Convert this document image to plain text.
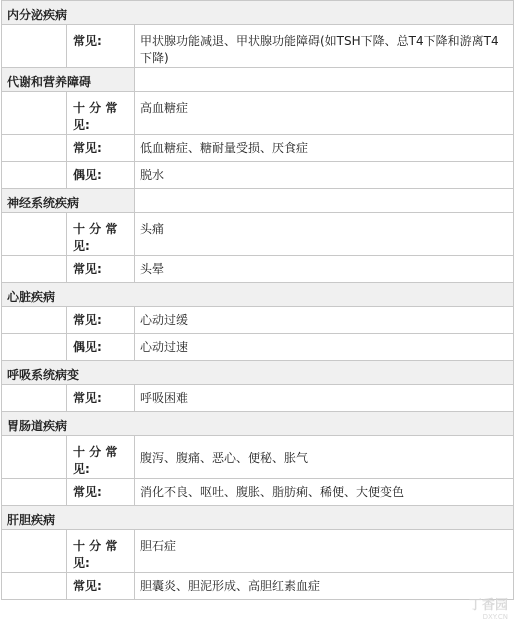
内分泌疾病		
	常见:	甲状腺功能减退、甲状腺功能障碍(如TSH下降、总T4下降和游离T4下降)
代谢和营养障碍		
	十 分 常 见:	高血糖症
	常见:	低血糖症、糖耐量受损、厌食症
	偶见:	脱水
神经系统疾病		
	十 分 常 见:	头痛
	常见:	头晕
心脏疾病		
	常见:	心动过缓
	偶见:	心动过速
呼吸系统病变		
	常见:	呼吸困难
胃肠道疾病		
	十 分 常 见:	腹泻、腹痛、恶心、便秘、胀气
	常见:	消化不良、呕吐、腹胀、脂肪痢、稀便、大便变色
肝胆疾病		
	十 分 常 见:	胆石症
	常见:	胆囊炎、胆泥形成、高胆红素血症
丁香园
DXY.CN
